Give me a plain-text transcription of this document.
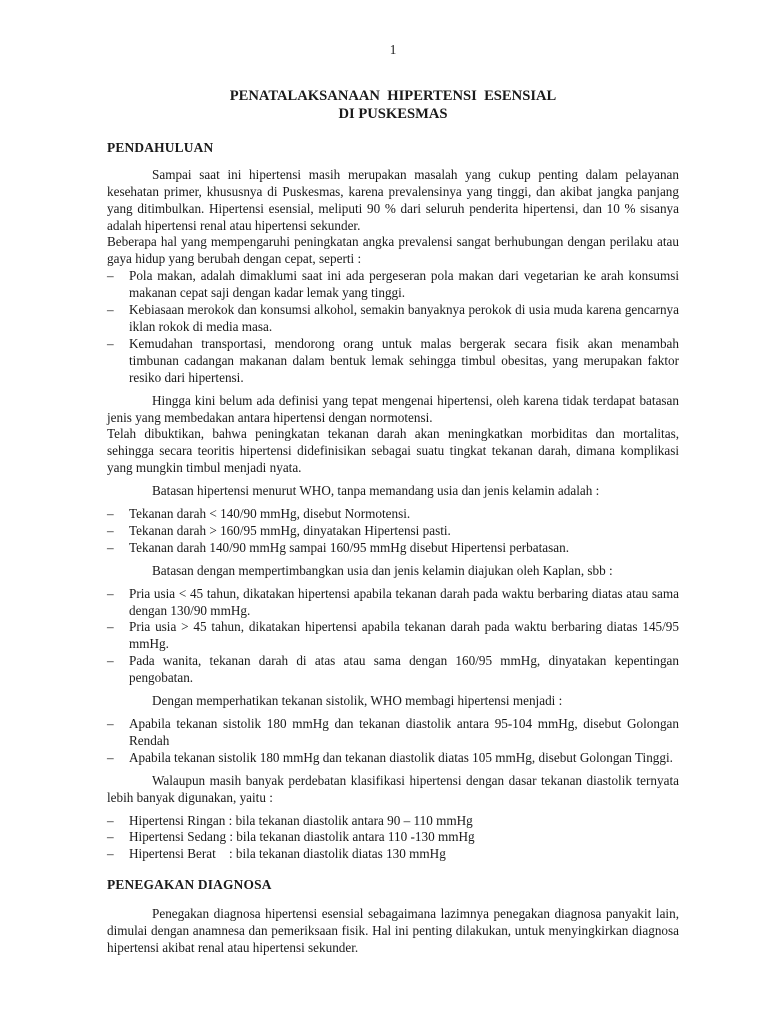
1
PENATALAKSANAAN  HIPERTENSI  ESENSIAL
DI PUSKESMAS
PENDAHULUAN

Sampai saat ini hipertensi masih merupakan masalah yang cukup penting dalam pelayanan kesehatan primer, khususnya di Puskesmas, karena prevalensinya yang tinggi, dan akibat jangka panjang yang ditimbulkan. Hipertensi esensial, meliputi 90 % dari seluruh penderita hipertensi, dan 10 % sisanya adalah hipertensi renal atau hipertensi sekunder.

Beberapa hal yang mempengaruhi peningkatan angka prevalensi sangat berhubungan dengan perilaku atau gaya hidup yang berubah dengan cepat, seperti :

– Pola makan, adalah dimaklumi saat ini ada pergeseran pola makan dari vegetarian ke arah konsumsi makanan cepat saji dengan kadar lemak yang tinggi.
– Kebiasaan merokok dan konsumsi alkohol, semakin banyaknya perokok di usia muda karena gencarnya iklan rokok di media masa.
– Kemudahan transportasi, mendorong orang untuk malas bergerak secara fisik akan menambah timbunan cadangan makanan dalam bentuk lemak sehingga timbul obesitas, yang merupakan faktor resiko dari hipertensi.

Hingga kini belum ada definisi yang tepat mengenai hipertensi, oleh karena tidak terdapat batasan jenis yang membedakan antara hipertensi dengan normotensi.

Telah dibuktikan, bahwa peningkatan tekanan darah akan meningkatkan morbiditas dan mortalitas, sehingga secara teoritis hipertensi didefinisikan sebagai suatu tingkat tekanan darah, dimana komplikasi yang mungkin timbul menjadi nyata.

Batasan hipertensi menurut WHO, tanpa memandang usia dan jenis kelamin adalah :

– Tekanan darah < 140/90 mmHg, disebut Normotensi.
– Tekanan darah > 160/95 mmHg, dinyatakan Hipertensi pasti.
– Tekanan darah 140/90 mmHg sampai 160/95 mmHg disebut Hipertensi perbatasan.

Batasan dengan mempertimbangkan usia dan jenis kelamin diajukan oleh Kaplan, sbb :

– Pria usia < 45 tahun, dikatakan hipertensi apabila tekanan darah pada waktu berbaring diatas atau sama dengan 130/90 mmHg.
– Pria usia > 45 tahun, dikatakan hipertensi apabila tekanan darah pada waktu berbaring diatas 145/95 mmHg.
– Pada wanita, tekanan darah di atas atau sama dengan 160/95 mmHg, dinyatakan kepentingan pengobatan.

Dengan memperhatikan tekanan sistolik, WHO membagi hipertensi menjadi :

– Apabila tekanan sistolik 180 mmHg dan tekanan diastolik antara 95-104 mmHg, disebut Golongan Rendah
– Apabila tekanan sistolik 180 mmHg dan tekanan diastolik diatas 105 mmHg, disebut Golongan Tinggi.

Walaupun masih banyak perdebatan klasifikasi hipertensi dengan dasar tekanan diastolik ternyata lebih banyak digunakan, yaitu :

– Hipertensi Ringan : bila tekanan diastolik antara 90 – 110 mmHg
– Hipertensi Sedang : bila tekanan diastolik antara 110 -130 mmHg
– Hipertensi Berat    : bila tekanan diastolik diatas 130 mmHg
PENEGAKAN DIAGNOSA

Penegakan diagnosa hipertensi esensial sebagaimana lazimnya penegakan diagnosa panyakit lain, dimulai dengan anamnesa dan pemeriksaan fisik. Hal ini penting dilakukan, untuk menyingkirkan diagnosa hipertensi akibat renal atau hipertensi sekunder.
